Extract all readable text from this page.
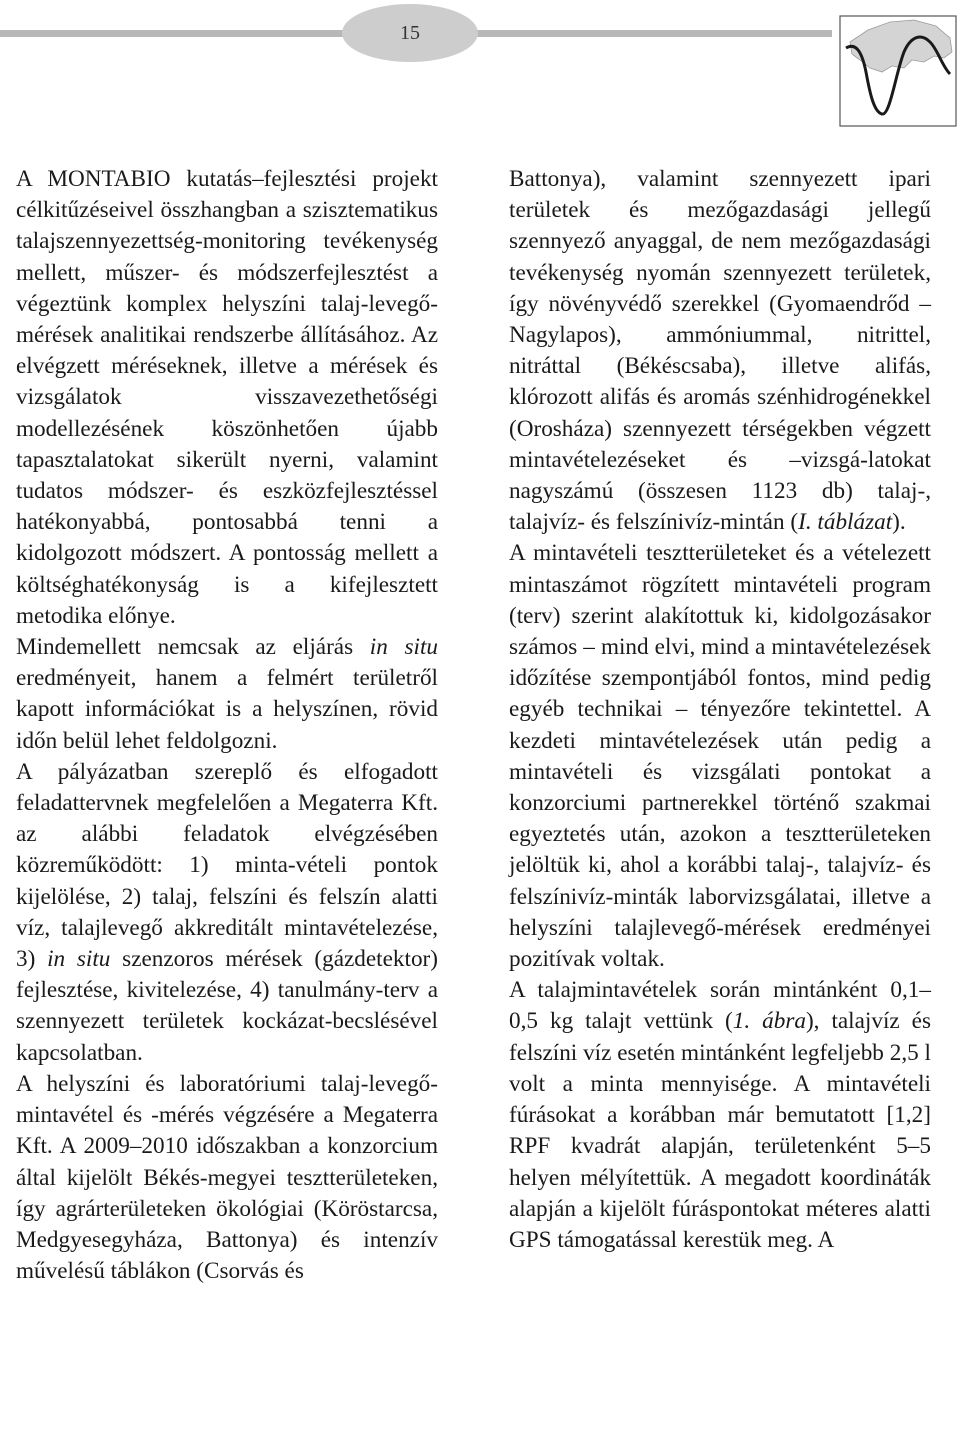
15

A MONTABIO kutatás–fejlesztési projekt célkitűzéseivel összhangban a szisztematikus talajszennyezettség-monitoring tevékenység mellett, műszer- és módszerfejlesztést a végeztünk komplex helyszíni talaj-levegő-mérések analitikai rendszerbe állításához. Az elvégzett méréseknek, illetve a mérések és vizsgálatok visszavezethetőségi modellezésének köszönhetően újabb tapasztalatokat sikerült nyerni, valamint tudatos módszer- és eszközfejlesztéssel hatékonyabbá, pontosabbá tenni a kidolgozott módszert. A pontosság mellett a költséghatékonyság is a kifejlesztett metodika előnye.

Mindemellett nemcsak az eljárás in situ eredményeit, hanem a felmért területről kapott információkat is a helyszínen, rövid időn belül lehet feldolgozni.

A pályázatban szereplő és elfogadott feladattervnek megfelelően a Megaterra Kft. az alábbi feladatok elvégzésében közreműködött: 1) minta-vételi pontok kijelölése, 2) talaj, felszíni és felszín alatti víz, talajlevegő akkreditált mintavételezése, 3) in situ szenzoros mérések (gázdetektor) fejlesztése, kivitelezése, 4) tanulmány-terv a szennyezett területek kockázat-becslésével kapcsolatban.

A helyszíni és laboratóriumi talaj-levegő-mintavétel és -mérés végzésére a Megaterra Kft. A 2009–2010 időszakban a konzorcium által kijelölt Békés-megyei tesztterületeken, így agrárterületeken ökológiai (Köröstarcsa, Medgyesegyháza, Battonya) és intenzív művelésű táblákon (Csorvás és

Battonya), valamint szennyezett ipari területek és mezőgazdasági jellegű szennyező anyaggal, de nem mezőgazdasági tevékenység nyomán szennyezett területek, így növényvédő szerekkel (Gyomaendrőd – Nagylapos), ammóniummal, nitrittel, nitráttal (Békéscsaba), illetve alifás, klórozott alifás és aromás szénhidrogénekkel (Orosháza) szennyezett térségekben végzett mintavételezéseket és –vizsgá-latokat nagyszámú (összesen 1123 db) talaj-, talajvíz- és felszínivíz-mintán (I. táblázat).

A mintavételi tesztterületeket és a vételezett mintaszámot rögzített mintavételi program (terv) szerint alakítottuk ki, kidolgozásakor számos – mind elvi, mind a mintavételezések időzítése szempontjából fontos, mind pedig egyéb technikai – tényezőre tekintettel. A kezdeti mintavételezések után pedig a mintavételi és vizsgálati pontokat a konzorciumi partnerekkel történő szakmai egyeztetés után, azokon a tesztterületeken jelöltük ki, ahol a korábbi talaj-, talajvíz- és felszínivíz-minták laborvizsgálatai, illetve a helyszíni talajlevegő-mérések eredményei pozitívak voltak.

A talajmintavételek során mintánként 0,1–0,5 kg talajt vettünk (1. ábra), talajvíz és felszíni víz esetén mintánként legfeljebb 2,5 l volt a minta mennyisége. A mintavételi fúrásokat a korábban már bemutatott [1,2] RPF kvadrát alapján, területenként 5–5 helyen mélyítettük. A megadott koordináták alapján a kijelölt fúráspontokat méteres alatti GPS támogatással kerestük meg. A
